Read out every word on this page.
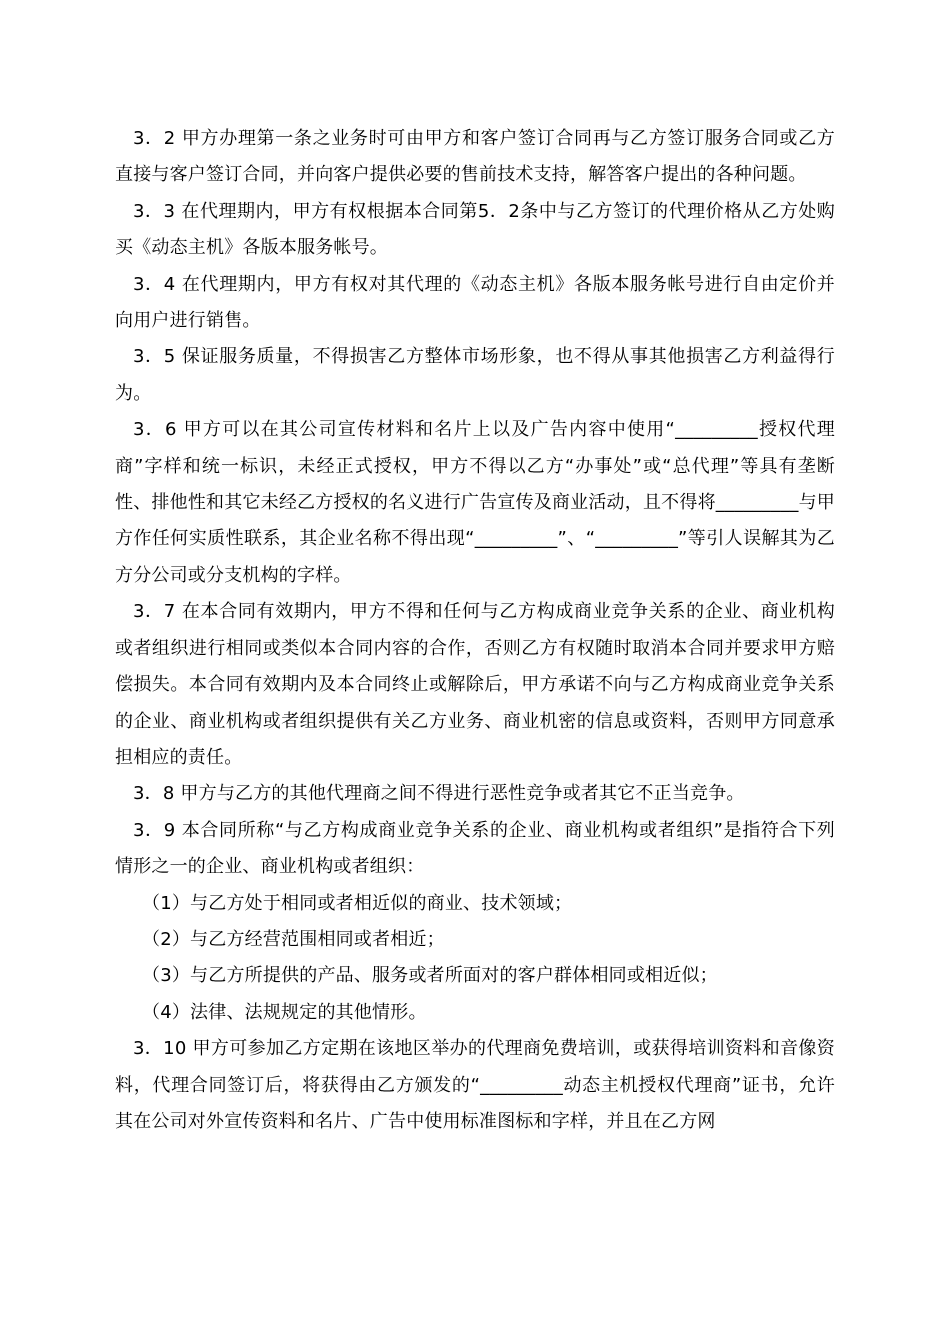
3．2 甲方办理第一条之业务时可由甲方和客户签订合同再与乙方签订服务合同或乙方直接与客户签订合同，并向客户提供必要的售前技术支持，解答客户提出的各种问题。

3．3 在代理期内，甲方有权根据本合同第5．2条中与乙方签订的代理价格从乙方处购买《动态主机》各版本服务帐号。

3．4 在代理期内，甲方有权对其代理的《动态主机》各版本服务帐号进行自由定价并向用户进行销售。

3．5 保证服务质量，不得损害乙方整体市场形象，也不得从事其他损害乙方利益得行为。

3．6 甲方可以在其公司宣传材料和名片上以及广告内容中使用“_________授权代理商”字样和统一标识，未经正式授权，甲方不得以乙方“办事处”或“总代理”等具有垄断性、排他性和其它未经乙方授权的名义进行广告宣传及商业活动，且不得将_________与甲方作任何实质性联系，其企业名称不得出现“_________”、“_________”等引人误解其为乙方分公司或分支机构的字样。

3．7 在本合同有效期内，甲方不得和任何与乙方构成商业竞争关系的企业、商业机构或者组织进行相同或类似本合同内容的合作，否则乙方有权随时取消本合同并要求甲方赔偿损失。本合同有效期内及本合同终止或解除后，甲方承诺不向与乙方构成商业竞争关系的企业、商业机构或者组织提供有关乙方业务、商业机密的信息或资料，否则甲方同意承担相应的责任。

3．8 甲方与乙方的其他代理商之间不得进行恶性竞争或者其它不正当竞争。

3．9 本合同所称“与乙方构成商业竞争关系的企业、商业机构或者组织”是指符合下列情形之一的企业、商业机构或者组织：

（1）与乙方处于相同或者相近似的商业、技术领域；

（2）与乙方经营范围相同或者相近；

（3）与乙方所提供的产品、服务或者所面对的客户群体相同或相近似；

（4）法律、法规规定的其他情形。

3．10 甲方可参加乙方定期在该地区举办的代理商免费培训，或获得培训资料和音像资料，代理合同签订后，将获得由乙方颁发的“_________动态主机授权代理商”证书，允许其在公司对外宣传资料和名片、广告中使用标准图标和字样，并且在乙方网
